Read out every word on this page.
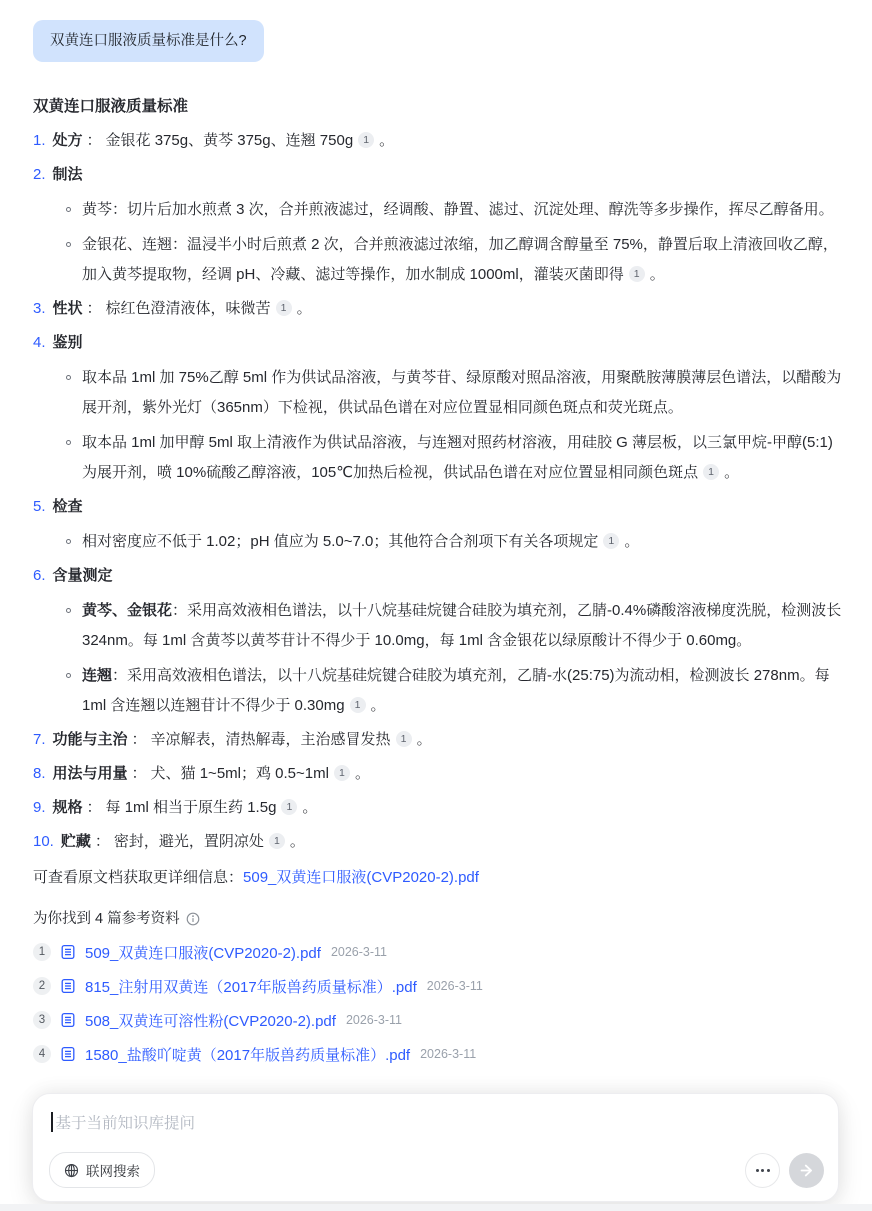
双黄连口服液质量标准是什么?
双黄连口服液质量标准
1. 处方 ： 金银花 375g、黄芩 375g、连翘 750g 1 。
2. 制法
黄芩：切片后加水煎煮 3 次，合并煎液滤过，经调酸、静置、滤过、沉淀处理、醇洗等多步操作，挥尽乙醇备用。
金银花、连翘：温浸半小时后煎煮 2 次，合并煎液滤过浓缩，加乙醇调含醇量至 75%，静置后取上清液回收乙醇，加入黄芩提取物，经调 pH、冷藏、滤过等操作，加水制成 1000ml，灌装灭菌即得 1 。
3. 性状 ： 棕红色澄清液体，味微苦 1 。
4. 鉴别
取本品 1ml 加 75%乙醇 5ml 作为供试品溶液，与黄芩苷、绿原酸对照品溶液，用聚酰胺薄膜薄层色谱法，以醋酸为展开剂，紫外光灯（365nm）下检视，供试品色谱在对应位置显相同颜色斑点和荧光斑点。
取本品 1ml 加甲醇 5ml 取上清液作为供试品溶液，与连翘对照药材溶液，用硅胶 G 薄层板，以三氯甲烷-甲醇(5:1)为展开剂，喷 10%硫酸乙醇溶液，105℃加热后检视，供试品色谱在对应位置显相同颜色斑点 1 。
5. 检查
相对密度应不低于 1.02；pH 值应为 5.0~7.0；其他符合合剂项下有关各项规定 1 。
6. 含量测定
黄芩、金银花：采用高效液相色谱法，以十八烷基硅烷键合硅胶为填充剂，乙腈-0.4%磷酸溶液梯度洗脱，检测波长 324nm。每 1ml 含黄芩以黄芩苷计不得少于 10.0mg，每 1ml 含金银花以绿原酸计不得少于 0.60mg。
连翘：采用高效液相色谱法，以十八烷基硅烷键合硅胶为填充剂，乙腈-水(25:75)为流动相，检测波长 278nm。每 1ml 含连翘以连翘苷计不得少于 0.30mg 1 。
7. 功能与主治 ： 辛凉解表，清热解毒，主治感冒发热 1 。
8. 用法与用量 ： 犬、猫 1~5ml；鸡 0.5~1ml 1 。
9. 规格 ： 每 1ml 相当于原生药 1.5g 1 。
10. 贮藏 ： 密封，避光，置阴凉处 1 。
可查看原文档获取更详细信息：509_双黄连口服液(CVP2020-2).pdf
为你找到 4 篇参考资料
1	509_双黄连口服液(CVP2020-2).pdf 2026-3-11
2	815_注射用双黄连（2017年版兽药质量标准）.pdf 2026-3-11
3	508_双黄连可溶性粉(CVP2020-2).pdf 2026-3-11
4	1580_盐酸吖啶黄（2017年版兽药质量标准）.pdf 2026-3-11
基于当前知识库提问
联网搜索
